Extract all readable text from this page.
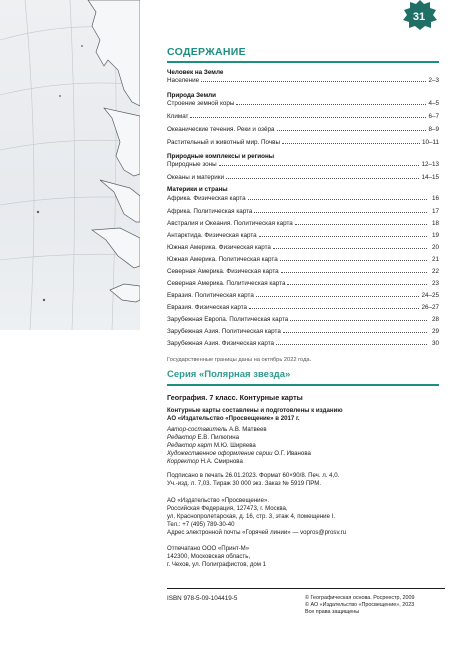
31
СОДЕРЖАНИЕ
Человек на Земле
Население	2–3
Природа Земли
Строение земной коры	4–5
Климат	6–7
Океанические течения. Реки и озёра	8–9
Растительный и животный мир. Почвы	10–11
Природные комплексы и регионы
Природные зоны	12–13
Океаны и материки	14–15
Материки и страны
Африка. Физическая карта	16
Африка. Политическая карта	17
Австралия и Океания. Политическая карта	18
Антарктида. Физическая карта	19
Южная Америка. Физическая карта	20
Южная Америка. Политическая карта	21
Северная Америка. Физическая карта	22
Северная Америка. Политическая карта	23
Евразия. Политическая карта	24–25
Евразия. Физическая карта	26–27
Зарубежная Европа. Политическая карта	28
Зарубежная Азия. Политическая карта	29
Зарубежная Азия. Физическая карта	30
Государственные границы даны на октябрь 2022 года.
Серия «Полярная звезда»
География. 7 класс. Контурные карты
Контурные карты составлены и подготовлены к изданию
АО «Издательство «Просвещение» в 2017 г.
Автор-составитель А.В. Матвеев
Редактор Е.В. Пилюгина
Редактор карт М.Ю. Ширяева
Художественное оформление серии О.Г. Иванова
Корректор Н.А. Смирнова
Подписано в печать 26.01.2023. Формат 60×90/8. Печ. л. 4,0.
Уч.-изд. л. 7,03. Тираж 30 000 экз. Заказ № 5919 ПРМ.
АО «Издательство «Просвещение».
Российская Федерация, 127473, г. Москва,
ул. Краснопролетарская, д. 16, стр. 3, этаж 4, помещение I.
Тел.: +7 (495) 789-30-40
Адрес электронной почты «Горячей линии» — vopros@prosv.ru
Отпечатано ООО «Принт-М»
142300, Московская область,
г. Чехов, ул. Полиграфистов, дом 1
ISBN 978-5-09-104419-5	© Географическая основа. Росреестр, 2009
© АО «Издательство «Просвещение», 2023
Все права защищены
